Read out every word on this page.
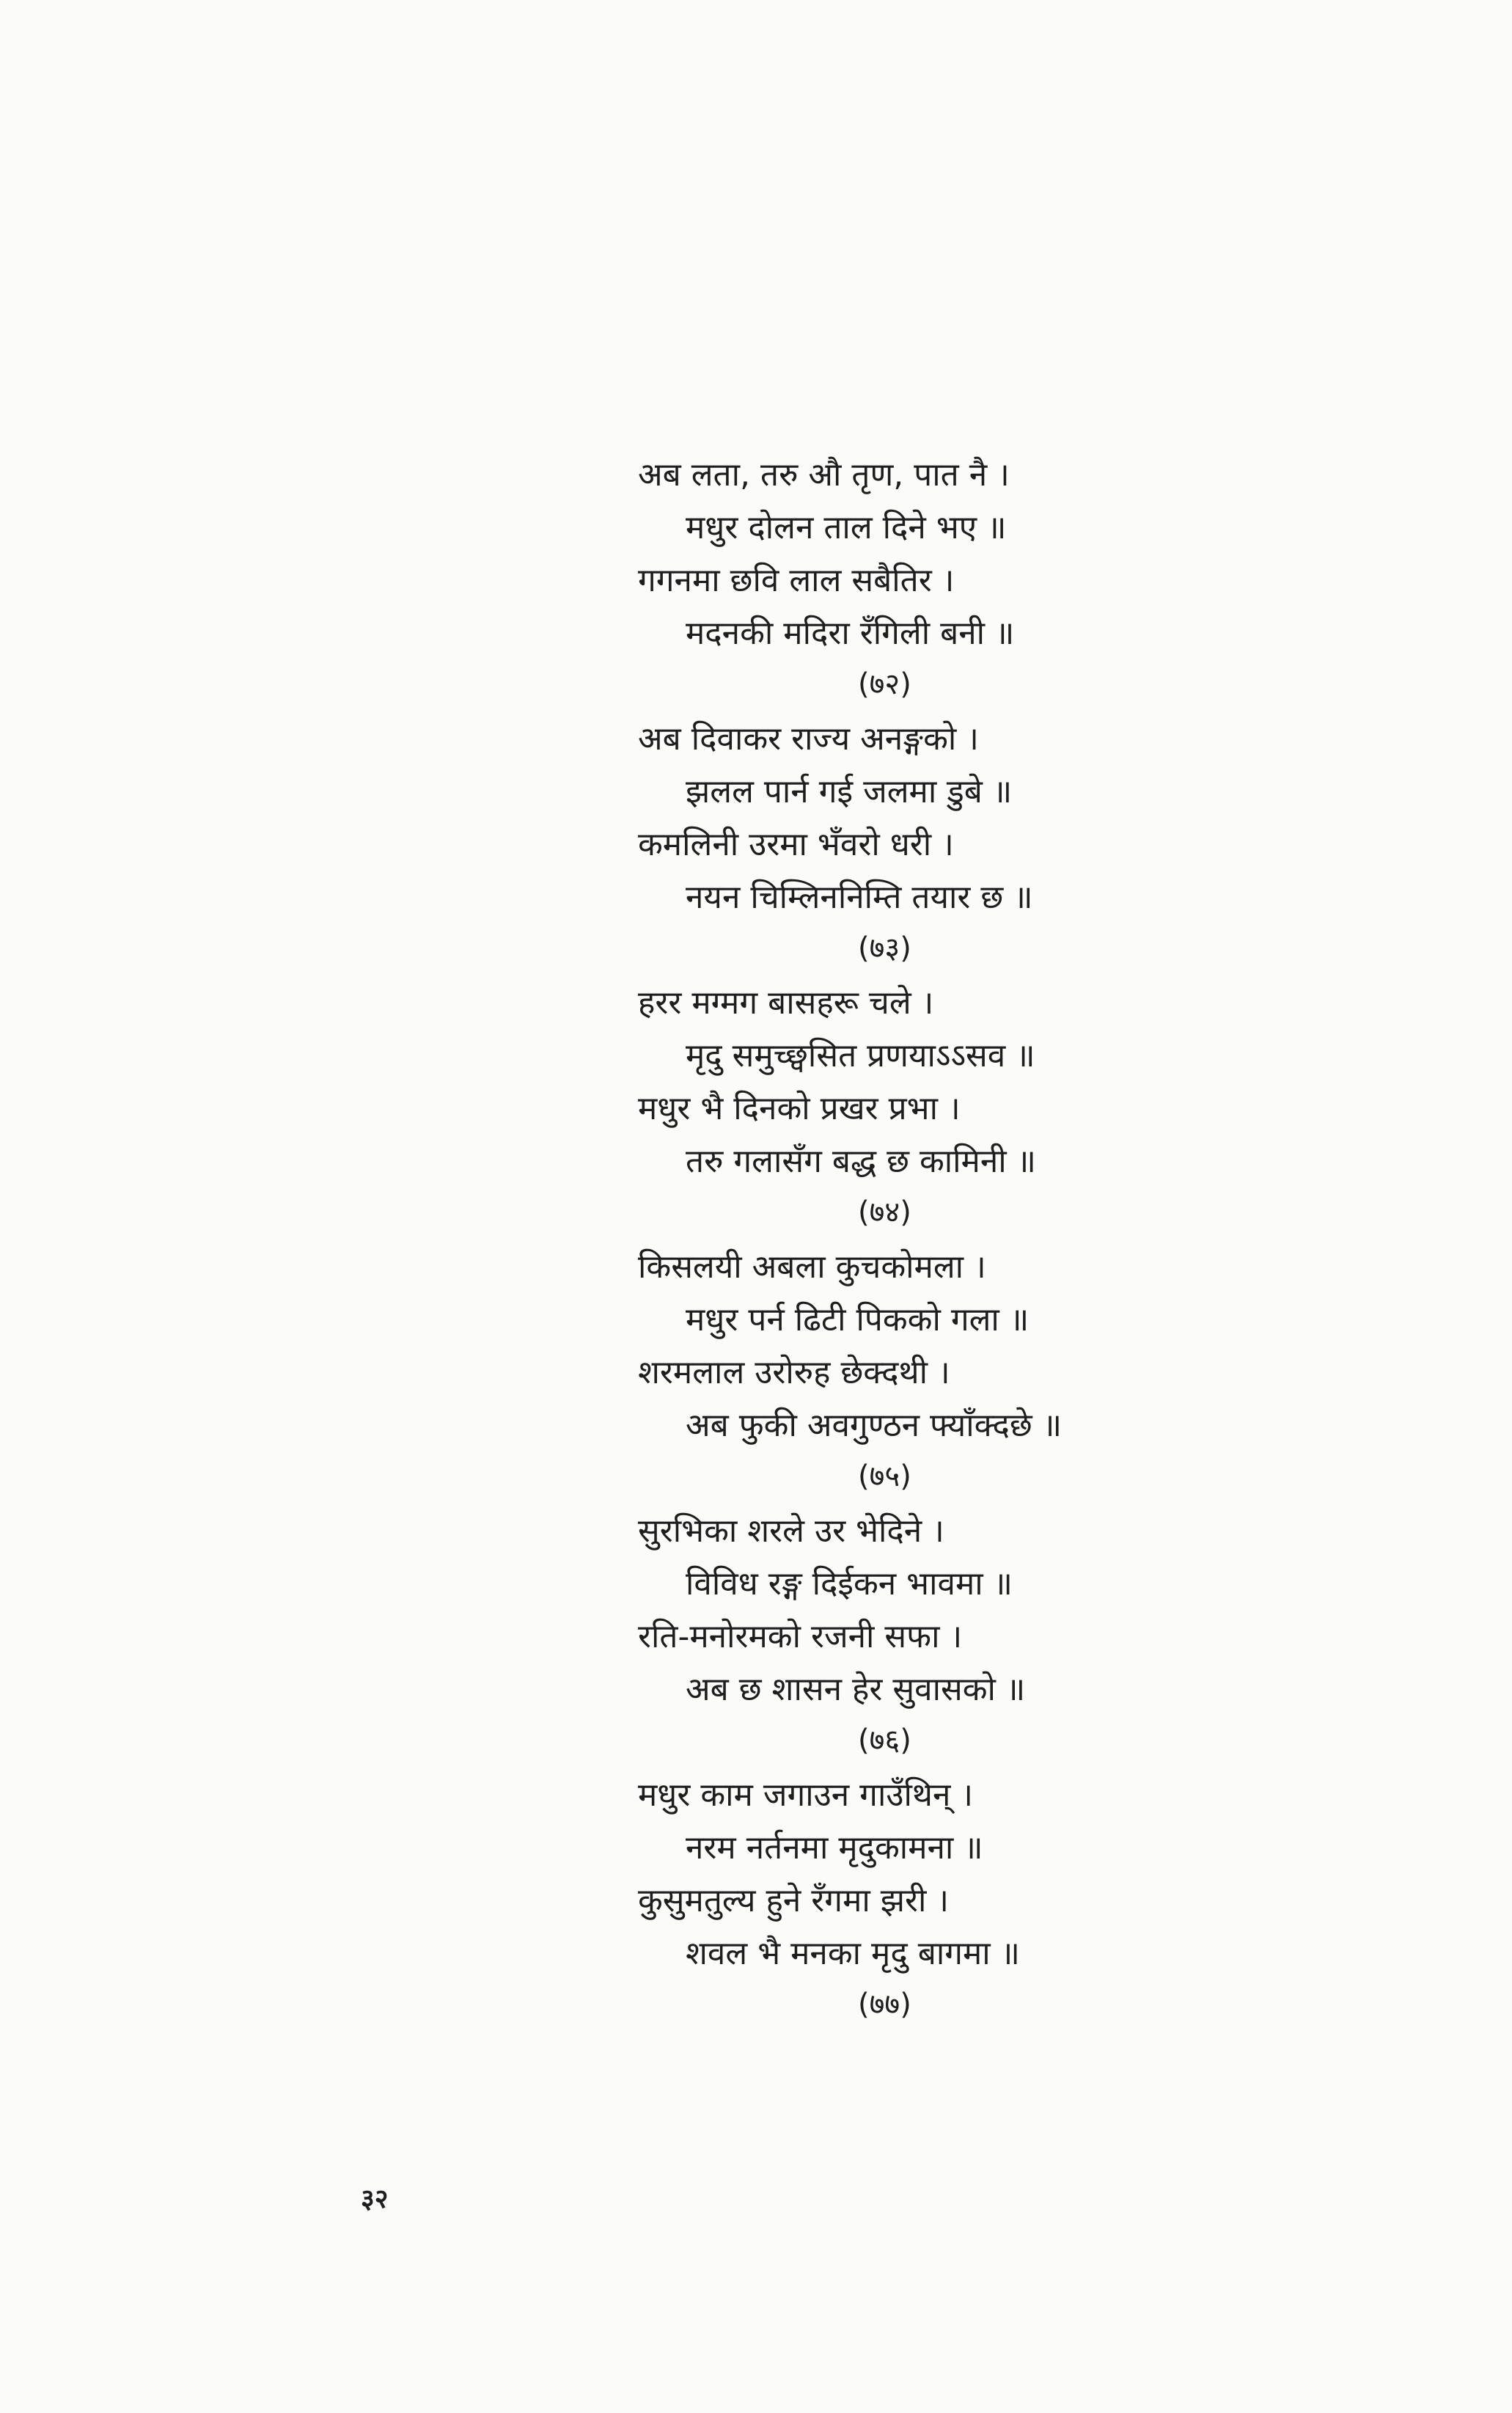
अब लता, तरु औ तृण, पात नै ।
मधुर दोलन ताल दिने भए ॥
गगनमा छवि लाल सबैतिर ।
मदनकी मदिरा रँगिली बनी ॥
(७२)
अब दिवाकर राज्य अनङ्गको ।
झलल पार्न गई जलमा डुबे ॥
कमलिनी उरमा भँवरो धरी ।
नयन चिम्लिननिम्ति तयार छ ॥
(७३)
हरर मग्मग बासहरू चले ।
मृदु समुच्छ्वसित प्रणयाऽऽसव ॥
मधुर भै दिनको प्रखर प्रभा ।
तरु गलासँग बद्ध छ कामिनी ॥
(७४)
किसलयी अबला कुचकोमला ।
मधुर पर्न ढिटी पिकको गला ॥
शरमलाल उरोरुह छेक्दथी ।
अब फुकी अवगुण्ठन फ्याँक्दछे ॥
(७५)
सुरभिका शरले उर भेदिने ।
विविध रङ्ग दिईकन भावमा ॥
रति-मनोरमको रजनी सफा ।
अब छ शासन हेर सुवासको ॥
(७६)
मधुर काम जगाउन गाउँथिन् ।
नरम नर्तनमा मृदुकामना ॥
कुसुमतुल्य हुने रँगमा झरी ।
शवल भै मनका मृदु बागमा ॥
(७७)
३२
